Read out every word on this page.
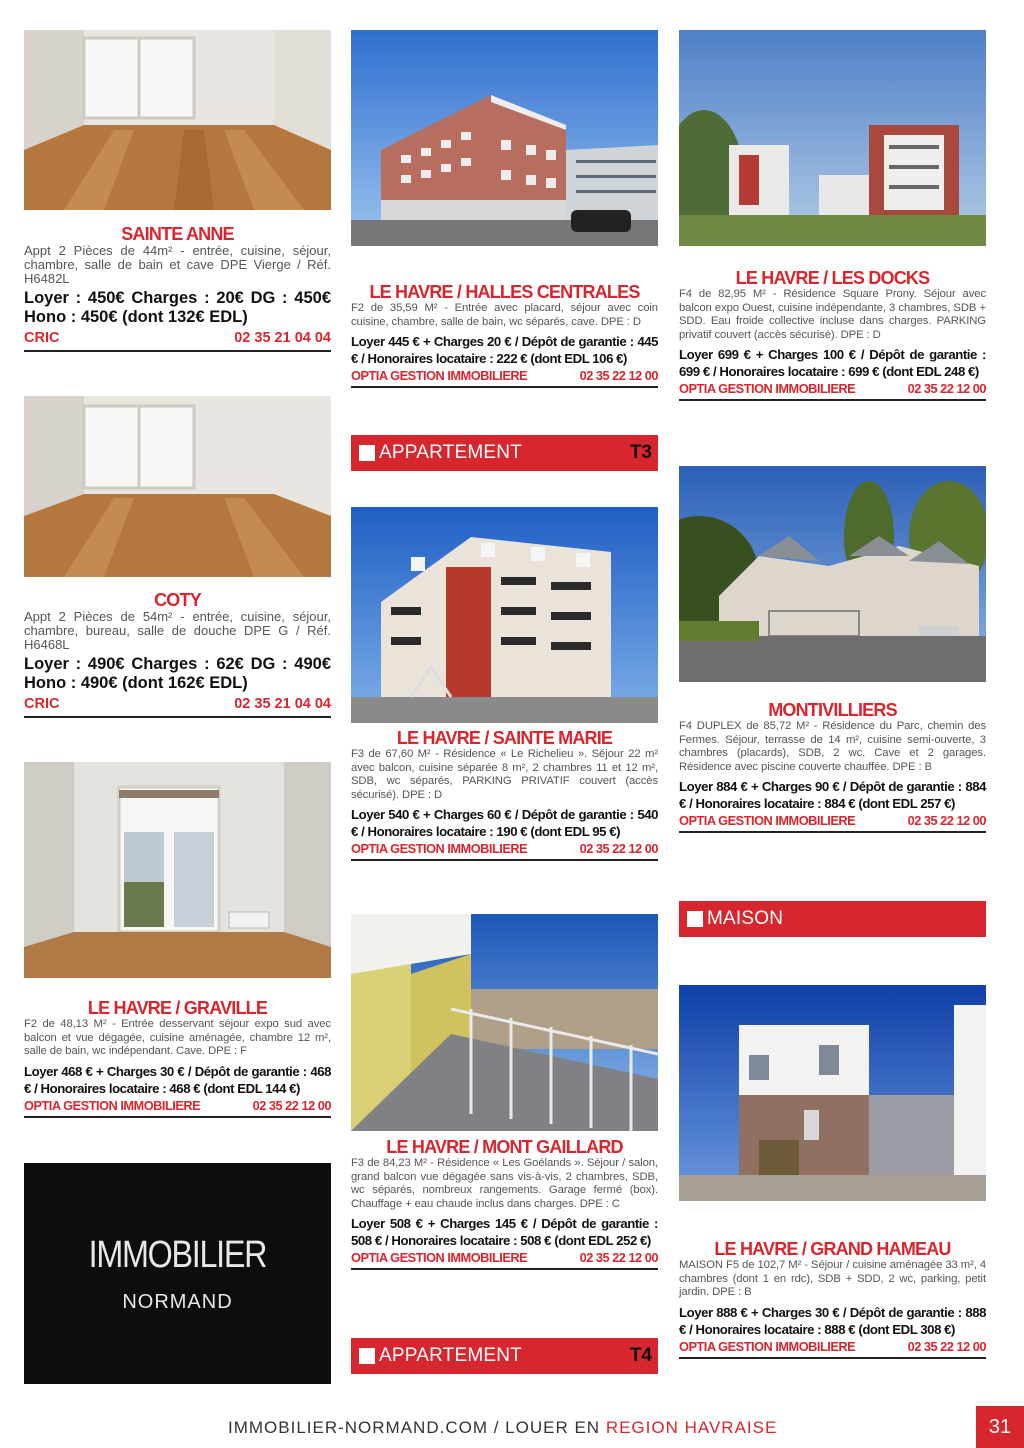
SAINTE ANNE
Appt 2 Pièces de 44m² - entrée, cuisine, séjour, chambre, salle de bain et cave DPE Vierge / Réf. H6482L
Loyer : 450€ Charges : 20€ DG : 450€ Hono : 450€ (dont 132€ EDL)
CRIC	02 35 21 04 04
COTY
Appt 2 Pièces de 54m² - entrée, cuisine, séjour, chambre, bureau, salle de douche DPE G / Réf. H6468L
Loyer : 490€ Charges : 62€ DG : 490€ Hono : 490€ (dont 162€ EDL)
CRIC	02 35 21 04 04
LE HAVRE / GRAVILLE
F2 de 48,13 M² - Entrée desservant séjour expo sud avec balcon et vue dégagée, cuisine aménagée, chambre 12 m², salle de bain, wc indépendant. Cave. DPE : F
Loyer 468 € + Charges 30 € / Dépôt de garantie : 468 € / Honoraires locataire : 468 € (dont EDL 144 €)
OPTIA GESTION IMMOBILIERE	02 35 22 12 00
IMMOBILIER
NORMAND
LE HAVRE / HALLES CENTRALES
F2 de 35,59 M² - Entrée avec placard, séjour avec coin cuisine, chambre, salle de bain, wc séparés, cave. DPE : D
Loyer 445 € + Charges 20 € / Dépôt de garantie : 445 € / Honoraires locataire : 222 € (dont EDL 106 €)
OPTIA GESTION IMMOBILIERE	02 35 22 12 00
APPARTEMENT	T3
LE HAVRE / SAINTE MARIE
F3 de 67,60 M² - Résidence « Le Richelieu ». Séjour 22 m² avec balcon, cuisine séparée 8 m², 2 chambres 11 et 12 m², SDB, wc séparés, PARKING PRIVATIF couvert (accès sécurisé). DPE : D
Loyer 540 € + Charges 60 € / Dépôt de garantie : 540 € / Honoraires locataire : 190 € (dont EDL 95 €)
OPTIA GESTION IMMOBILIERE	02 35 22 12 00
LE HAVRE / MONT GAILLARD
F3 de 84,23 M² - Résidence « Les Goélands ». Séjour / salon, grand balcon vue dégagée sans vis-à-vis, 2 chambres, SDB, wc séparés, nombreux rangements. Garage fermé (box). Chauffage + eau chaude inclus dans charges. DPE : C
Loyer 508 € + Charges 145 € / Dépôt de garantie : 508 € / Honoraires locataire : 508 € (dont EDL 252 €)
OPTIA GESTION IMMOBILIERE	02 35 22 12 00
APPARTEMENT	T4
LE HAVRE / LES DOCKS
F4 de 82,95 M² - Résidence Square Prony. Séjour avec balcon expo Ouest, cuisine indépendante, 3 chambres, SDB + SDD. Eau froide collective incluse dans charges. PARKING privatif couvert (accès sécurisé). DPE : D
Loyer 699 € + Charges 100 € / Dépôt de garantie : 699 € / Honoraires locataire : 699 € (dont EDL 248 €)
OPTIA GESTION IMMOBILIERE	02 35 22 12 00
MONTIVILLIERS
F4 DUPLEX de 85,72 M² - Résidence du Parc, chemin des Fermes. Séjour, terrasse de 14 m², cuisine semi-ouverte, 3 chambres (placards), SDB, 2 wc. Cave et 2 garages. Résidence avec piscine couverte chauffée. DPE : B
Loyer 884 € + Charges 90 € / Dépôt de garantie : 884 € / Honoraires locataire : 884 € (dont EDL 257 €)
OPTIA GESTION IMMOBILIERE	02 35 22 12 00
MAISON
LE HAVRE / GRAND HAMEAU
MAISON F5 de 102,7 M² - Séjour / cuisine aménagée 33 m², 4 chambres (dont 1 en rdc), SDB + SDD, 2 wc, parking, petit jardin. DPE : B
Loyer 888 € + Charges 30 € / Dépôt de garantie : 888 € / Honoraires locataire : 888 € (dont EDL 308 €)
OPTIA GESTION IMMOBILIERE	02 35 22 12 00
IMMOBILIER-NORMAND.COM / LOUER EN REGION HAVRAISE	31
